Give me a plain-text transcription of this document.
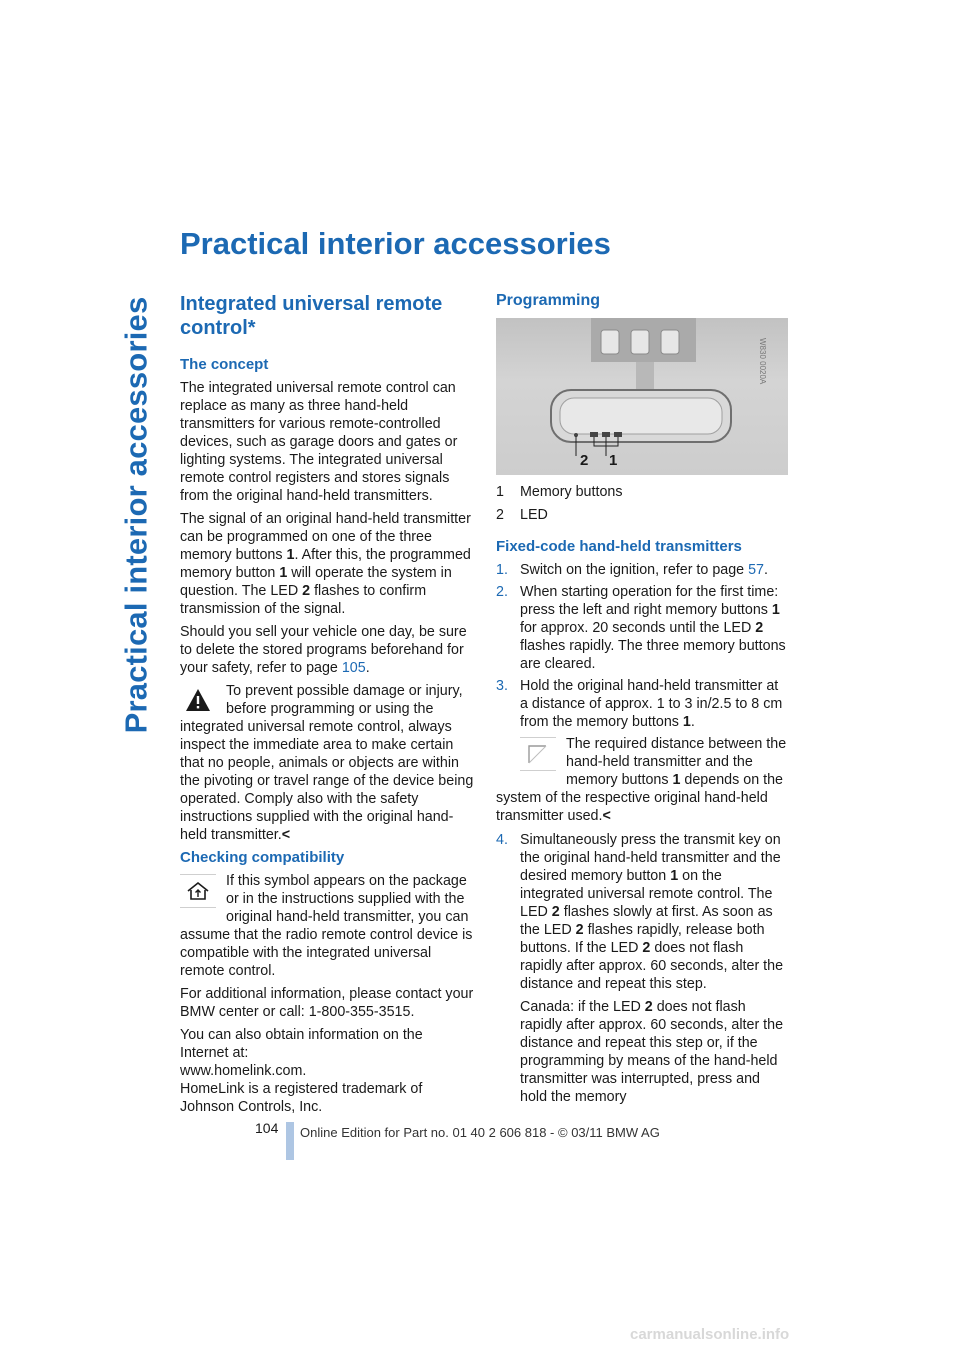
Practical interior accessories
Practical interior accessories
Integrated universal remote control*
The concept

The integrated universal remote control can replace as many as three hand-held transmitters for various remote-controlled devices, such as garage doors and gates or lighting systems. The integrated universal remote control registers and stores signals from the original hand-held transmitters.

The signal of an original hand-held transmitter can be programmed on one of the three memory buttons 1. After this, the programmed memory button 1 will operate the system in question. The LED 2 flashes to confirm transmission of the signal.

Should you sell your vehicle one day, be sure to delete the stored programs beforehand for your safety, refer to page 105.

To prevent possible damage or injury, before programming or using the integrated universal remote control, always inspect the immediate area to make certain that no people, animals or objects are within the pivoting or travel range of the device being operated. Comply also with the safety instructions supplied with the original hand-held transmitter.<
Checking compatibility
If this symbol appears on the package or in the instructions supplied with the original hand-held transmitter, you can assume that the radio remote control device is compatible with the integrated universal remote control.

For additional information, please contact your BMW center or call: 1-800-355-3515.

You can also obtain information on the Internet at:

www.homelink.com.

HomeLink is a registered trademark of Johnson Controls, Inc.

Programming
W830 0020A
2 1
1	Memory buttons
2	LED
Fixed-code hand-held transmitters
1. Switch on the ignition, refer to page 57.
2. When starting operation for the first time: press the left and right memory buttons 1 for approx. 20 seconds until the LED 2 flashes rapidly. The three memory buttons are cleared.
3. Hold the original hand-held transmitter at a distance of approx. 1 to 3 in/2.5 to 8 cm from the memory buttons 1.
The required distance between the hand-held transmitter and the memory buttons 1 depends on the system of the respective original hand-held transmitter used.<
4. Simultaneously press the transmit key on the original hand-held transmitter and the desired memory button 1 on the integrated universal remote control. The LED 2 flashes slowly at first. As soon as the LED 2 flashes rapidly, release both buttons. If the LED 2 does not flash rapidly after approx. 60 seconds, alter the distance and repeat this step.
Canada: if the LED 2 does not flash rapidly after approx. 60 seconds, alter the distance and repeat this step or, if the programming by means of the hand-held transmitter was interrupted, press and hold the memory
104 Online Edition for Part no. 01 40 2 606 818 - © 03/11 BMW AG
carmanualsonline.info
